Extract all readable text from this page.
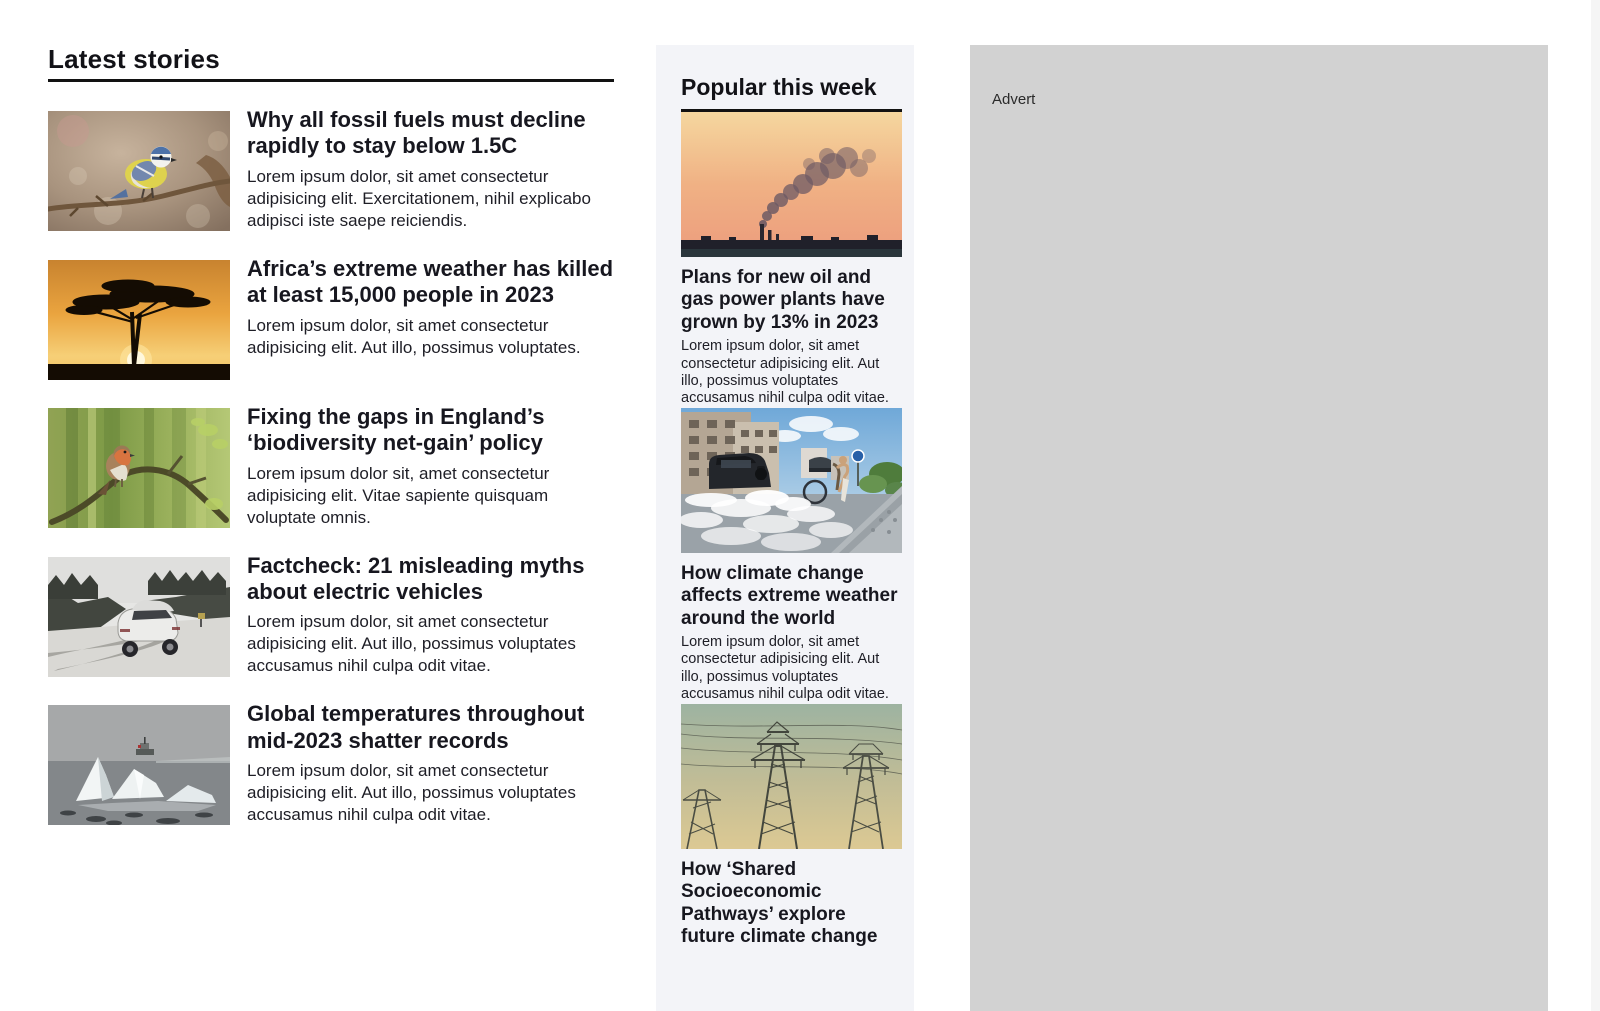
Latest stories
Why all fossil fuels must decline rapidly to stay below 1.5C

Lorem ipsum dolor, sit amet consectetur adipisicing elit. Exercitationem, nihil explicabo adipisci iste saepe reiciendis.

Africa’s extreme weather has killed at least 15,000 people in 2023

Lorem ipsum dolor, sit amet consectetur adipisicing elit. Aut illo, possimus voluptates.

Fixing the gaps in England’s ‘biodiversity net-gain’ policy

Lorem ipsum dolor sit, amet consectetur adipisicing elit. Vitae sapiente quisquam voluptate omnis.

Factcheck: 21 misleading myths about electric vehicles

Lorem ipsum dolor, sit amet consectetur adipisicing elit. Aut illo, possimus voluptates accusamus nihil culpa odit vitae.

Global temperatures throughout mid-2023 shatter records

Lorem ipsum dolor, sit amet consectetur adipisicing elit. Aut illo, possimus voluptates accusamus nihil culpa odit vitae.

Popular this week
Plans for new oil and gas power plants have grown by 13% in 2023

Lorem ipsum dolor, sit amet consectetur adipisicing elit. Aut illo, possimus voluptates accusamus nihil culpa odit vitae.

How climate change affects extreme weather around the world

Lorem ipsum dolor, sit amet consectetur adipisicing elit. Aut illo, possimus voluptates accusamus nihil culpa odit vitae.

How ‘Shared Socioeconomic Pathways’ explore future climate change

Advert
